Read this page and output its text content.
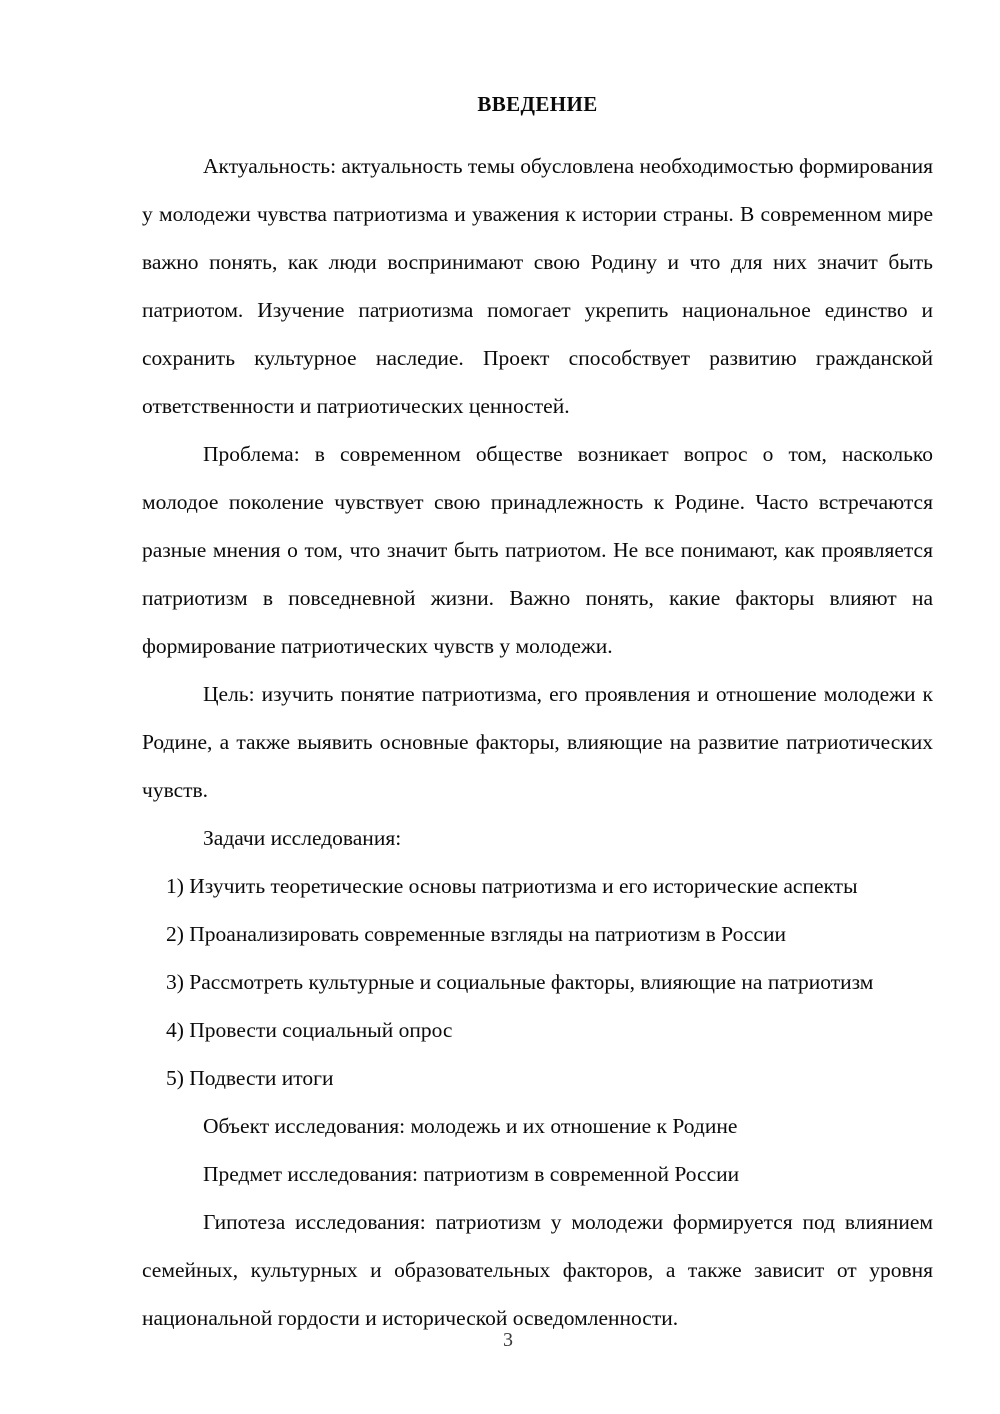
ВВЕДЕНИЕ

Актуальность: актуальность темы обусловлена необходимостью формирования у молодежи чувства патриотизма и уважения к истории страны. В современном мире важно понять, как люди воспринимают свою Родину и что для них значит быть патриотом. Изучение патриотизма помогает укрепить национальное единство и сохранить культурное наследие. Проект способствует развитию гражданской ответственности и патриотических ценностей.

Проблема: в современном обществе возникает вопрос о том, насколько молодое поколение чувствует свою принадлежность к Родине. Часто встречаются разные мнения о том, что значит быть патриотом. Не все понимают, как проявляется патриотизм в повседневной жизни. Важно понять, какие факторы влияют на формирование патриотических чувств у молодежи.

Цель: изучить понятие патриотизма, его проявления и отношение молодежи к Родине, а также выявить основные факторы, влияющие на развитие патриотических чувств.

Задачи исследования:

1) Изучить теоретические основы патриотизма и его исторические аспекты

2) Проанализировать современные взгляды на патриотизм в России

3) Рассмотреть культурные и социальные факторы, влияющие на патриотизм

4) Провести социальный опрос

5) Подвести итоги

Объект исследования: молодежь и их отношение к Родине

Предмет исследования: патриотизм в современной России

Гипотеза исследования: патриотизм у молодежи формируется под влиянием семейных, культурных и образовательных факторов, а также зависит от уровня национальной гордости и исторической осведомленности.

3
